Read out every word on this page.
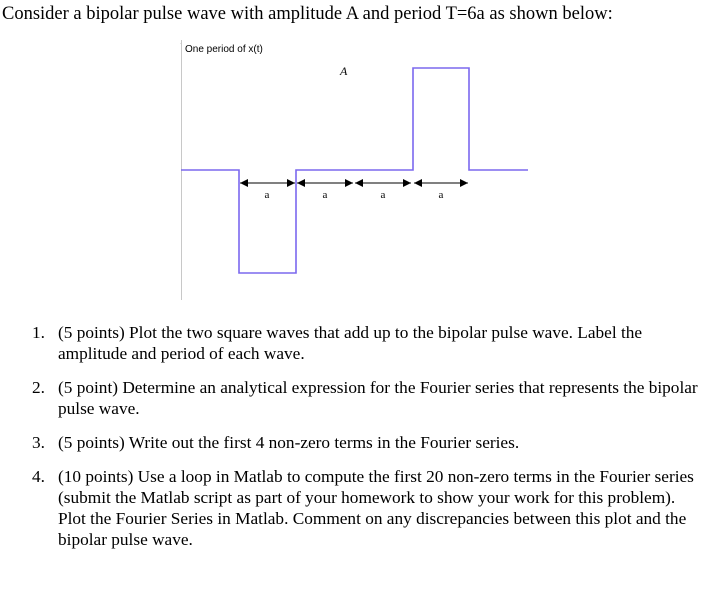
Consider a bipolar pulse wave with amplitude A and period T=6a as shown below:
One period of x(t)
A
a	a	a	a
1. (5 points) Plot the two square waves that add up to the bipolar pulse wave. Label the amplitude and period of each wave.
2. (5 point) Determine an analytical expression for the Fourier series that represents the bipolar pulse wave.
3. (5 points) Write out the first 4 non-zero terms in the Fourier series.
4. (10 points) Use a loop in Matlab to compute the first 20 non-zero terms in the Fourier series (submit the Matlab script as part of your homework to show your work for this problem). Plot the Fourier Series in Matlab. Comment on any discrepancies between this plot and the bipolar pulse wave.
